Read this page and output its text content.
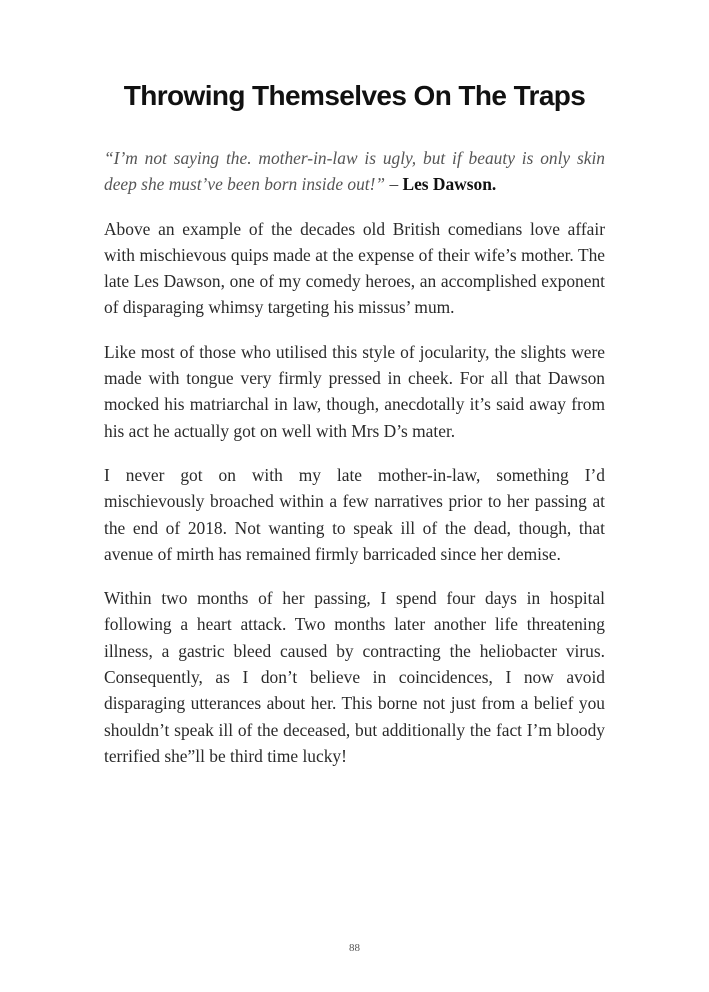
Throwing Themselves On The Traps

“I’m not saying the. mother-in-law is ugly, but if beauty is only skin deep she must’ve been born inside out!” – Les Dawson.

Above an example of the decades old British comedians love affair with mischievous quips made at the expense of their wife’s mother. The late Les Dawson, one of my comedy heroes, an accomplished exponent of disparaging whimsy targeting his missus’ mum.

Like most of those who utilised this style of jocularity, the slights were made with tongue very firmly pressed in cheek. For all that Dawson mocked his matriarchal in law, though, anecdotally it’s said away from his act he actually got on well with Mrs D’s mater.

I never got on with my late mother-in-law, something I’d mischievously broached within a few narratives prior to her passing at the end of 2018. Not wanting to speak ill of the dead, though, that avenue of mirth has remained firmly barricaded since her demise.

Within two months of her passing, I spend four days in hospital following a heart attack. Two months later another life threatening illness, a gastric bleed caused by contracting the heliobacter virus. Consequently, as I don’t believe in coincidences, I now avoid disparaging utterances about her. This borne not just from a belief you shouldn’t speak ill of the deceased, but additionally the fact I’m bloody terrified she”ll be third time lucky!

88
